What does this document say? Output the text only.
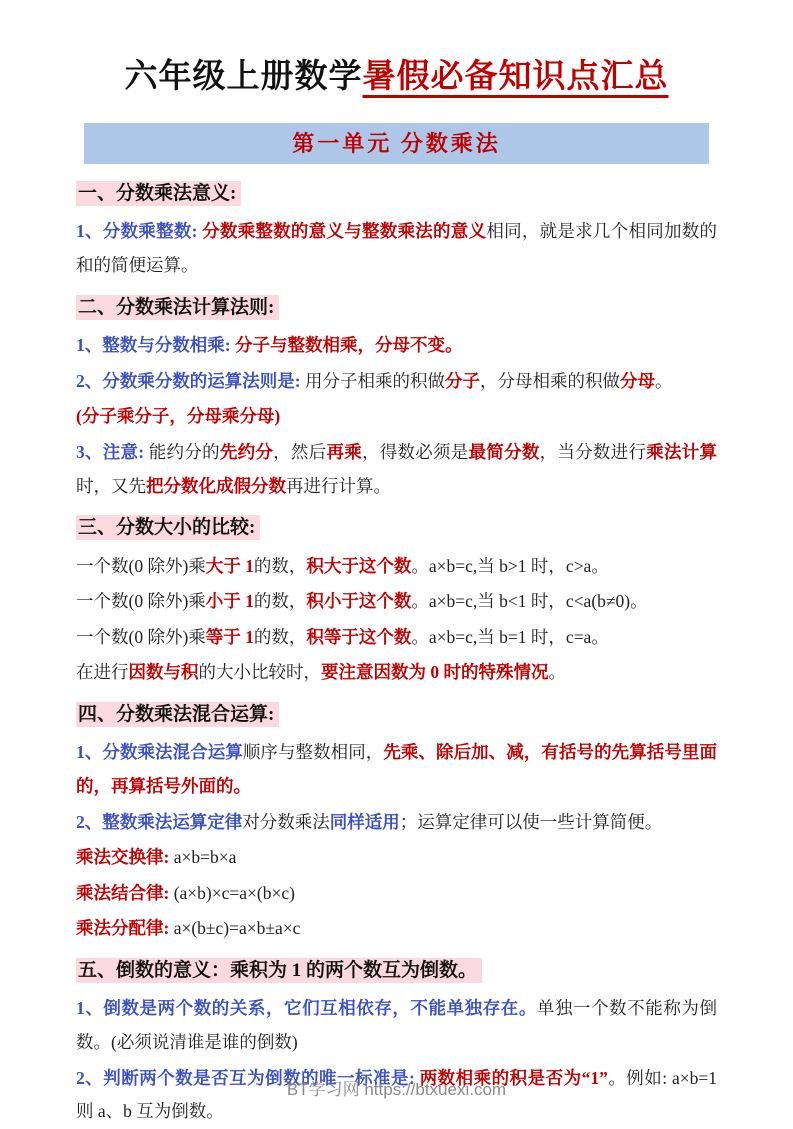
六年级上册数学暑假必备知识点汇总
第一单元 分数乘法

一、分数乘法意义:

1、分数乘整数: 分数乘整数的意义与整数乘法的意义相同，就是求几个相同加数的和的简便运算。

二、分数乘法计算法则:

1、整数与分数相乘: 分子与整数相乘，分母不变。

2、分数乘分数的运算法则是: 用分子相乘的积做分子，分母相乘的积做分母。

(分子乘分子，分母乘分母)

3、注意: 能约分的先约分，然后再乘，得数必须是最简分数，当分数进行乘法计算时，又先把分数化成假分数再进行计算。

三、分数大小的比较:

一个数(0 除外)乘大于 1的数，积大于这个数。a×b=c,当 b>1 时，c>a。

一个数(0 除外)乘小于 1的数，积小于这个数。a×b=c,当 b<1 时，c<a(b≠0)。

一个数(0 除外)乘等于 1的数，积等于这个数。a×b=c,当 b=1 时，c=a。

在进行因数与积的大小比较时，要注意因数为 0 时的特殊情况。

四、分数乘法混合运算:

1、分数乘法混合运算顺序与整数相同，先乘、除后加、减，有括号的先算括号里面的，再算括号外面的。

2、整数乘法运算定律对分数乘法同样适用；运算定律可以使一些计算简便。

乘法交换律: a×b=b×a

乘法结合律: (a×b)×c=a×(b×c)

乘法分配律: a×(b±c)=a×b±a×c

五、倒数的意义：乘积为 1 的两个数互为倒数。

1、倒数是两个数的关系，它们互相依存，不能单独存在。单独一个数不能称为倒数。(必须说清谁是谁的倒数)

2、判断两个数是否互为倒数的唯一标准是: 两数相乘的积是否为“1”。例如: a×b=1 则 a、b 互为倒数。

BT学习网 https://btxuexi.com
